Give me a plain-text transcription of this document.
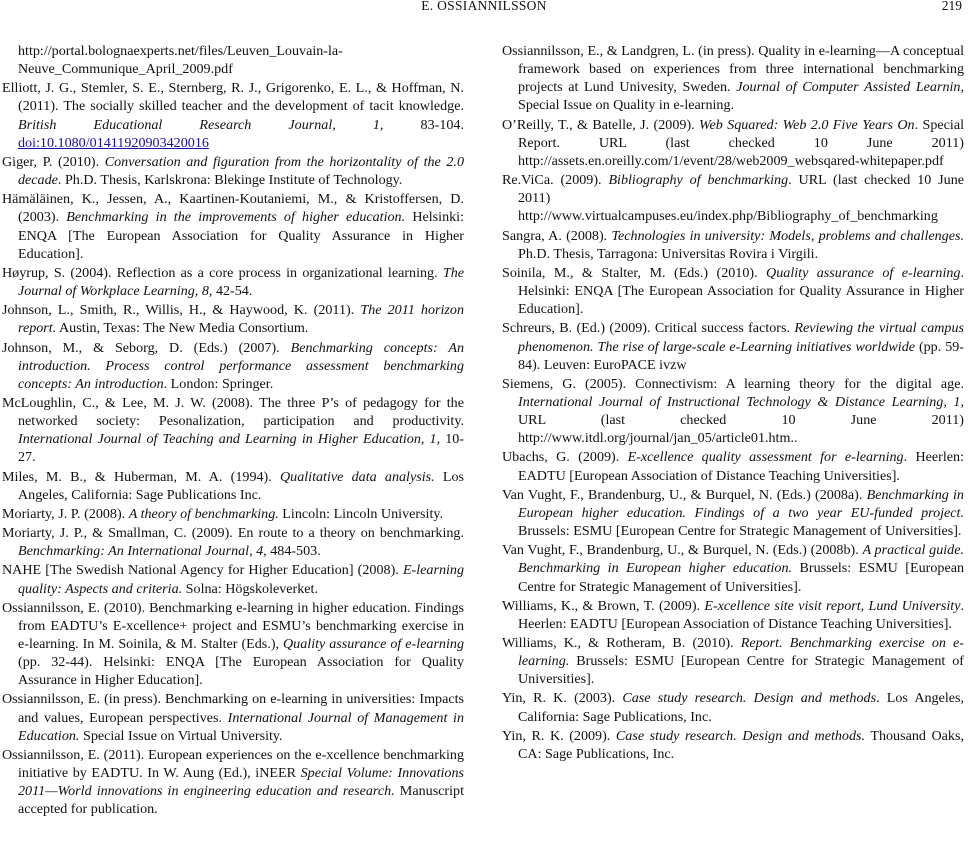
E. OSSIANNILSSON	219

http://portal.bolognaexperts.net/files/Leuven_Louvain-la-Neuve_Communique_April_2009.pdf

Elliott, J. G., Stemler, S. E., Sternberg, R. J., Grigorenko, E. L., & Hoffman, N. (2011). The socially skilled teacher and the development of tacit knowledge. British Educational Research Journal, 1, 83-104. doi:10.1080/01411920903420016

Giger, P. (2010). Conversation and figuration from the horizontality of the 2.0 decade. Ph.D. Thesis, Karlskrona: Blekinge Institute of Technology.

Hämäläinen, K., Jessen, A., Kaartinen-Koutaniemi, M., & Kristoffersen, D. (2003). Benchmarking in the improvements of higher education. Helsinki: ENQA [The European Association for Quality Assurance in Higher Education].

Høyrup, S. (2004). Reflection as a core process in organizational learning. The Journal of Workplace Learning, 8, 42-54.

Johnson, L., Smith, R., Willis, H., & Haywood, K. (2011). The 2011 horizon report. Austin, Texas: The New Media Consortium.

Johnson, M., & Seborg, D. (Eds.) (2007). Benchmarking concepts: An introduction. Process control performance assessment benchmarking concepts: An introduction. London: Springer.

McLoughlin, C., & Lee, M. J. W. (2008). The three P’s of pedagogy for the networked society: Pesonalization, participation and productivity. International Journal of Teaching and Learning in Higher Education, 1, 10-27.

Miles, M. B., & Huberman, M. A. (1994). Qualitative data analysis. Los Angeles, California: Sage Publications Inc.

Moriarty, J. P. (2008). A theory of benchmarking. Lincoln: Lincoln University.

Moriarty, J. P., & Smallman, C. (2009). En route to a theory on benchmarking. Benchmarking: An International Journal, 4, 484-503.

NAHE [The Swedish National Agency for Higher Education] (2008). E-learning quality: Aspects and criteria. Solna: Högskoleverket.

Ossiannilsson, E. (2010). Benchmarking e-learning in higher education. Findings from EADTU’s E-xcellence+ project and ESMU’s benchmarking exercise in e-learning. In M. Soinila, & M. Stalter (Eds.), Quality assurance of e-learning (pp. 32-44). Helsinki: ENQA [The European Association for Quality Assurance in Higher Education].

Ossiannilsson, E. (in press). Benchmarking on e-learning in universities: Impacts and values, European perspectives. International Journal of Management in Education. Special Issue on Virtual University.

Ossiannilsson, E. (2011). European experiences on the e-xcellence benchmarking initiative by EADTU. In W. Aung (Ed.), iNEER Special Volume: Innovations 2011—World innovations in engineering education and research. Manuscript accepted for publication.

Ossiannilsson, E., & Landgren, L. (in press). Quality in e-learning—A conceptual framework based on experiences from three international benchmarking projects at Lund Univesity, Sweden. Journal of Computer Assisted Learnin, Special Issue on Quality in e-learning.

O’Reilly, T., & Batelle, J. (2009). Web Squared: Web 2.0 Five Years On. Special Report. URL (last checked 10 June 2011) http://assets.en.oreilly.com/1/event/28/web2009_websqared-whitepaper.pdf

Re.ViCa. (2009). Bibliography of benchmarking. URL (last checked 10 June 2011) http://www.virtualcampuses.eu/index.php/Bibliography_of_benchmarking

Sangra, A. (2008). Technologies in university: Models, problems and challenges. Ph.D. Thesis, Tarragona: Universitas Rovira i Virgili.

Soinila, M., & Stalter, M. (Eds.) (2010). Quality assurance of e-learning. Helsinki: ENQA [The European Association for Quality Assurance in Higher Education].

Schreurs, B. (Ed.) (2009). Critical success factors. Reviewing the virtual campus phenomenon. The rise of large-scale e-Learning initiatives worldwide (pp. 59-84). Leuven: EuroPACE ivzw

Siemens, G. (2005). Connectivism: A learning theory for the digital age. International Journal of Instructional Technology & Distance Learning, 1, URL (last checked 10 June 2011) http://www.itdl.org/journal/jan_05/article01.htm..

Ubachs, G. (2009). E-xcellence quality assessment for e-learning. Heerlen: EADTU [European Association of Distance Teaching Universities].

Van Vught, F., Brandenburg, U., & Burquel, N. (Eds.) (2008a). Benchmarking in European higher education. Findings of a two year EU-funded project. Brussels: ESMU [European Centre for Strategic Management of Universities].

Van Vught, F., Brandenburg, U., & Burquel, N. (Eds.) (2008b). A practical guide. Benchmarking in European higher education. Brussels: ESMU [European Centre for Strategic Management of Universities].

Williams, K., & Brown, T. (2009). E-xcellence site visit report, Lund University. Heerlen: EADTU [European Association of Distance Teaching Universities].

Williams, K., & Rotheram, B. (2010). Report. Benchmarking exercise on e-learning. Brussels: ESMU [European Centre for Strategic Management of Universities].

Yin, R. K. (2003). Case study research. Design and methods. Los Angeles, California: Sage Publications, Inc.

Yin, R. K. (2009). Case study research. Design and methods. Thousand Oaks, CA: Sage Publications, Inc.
